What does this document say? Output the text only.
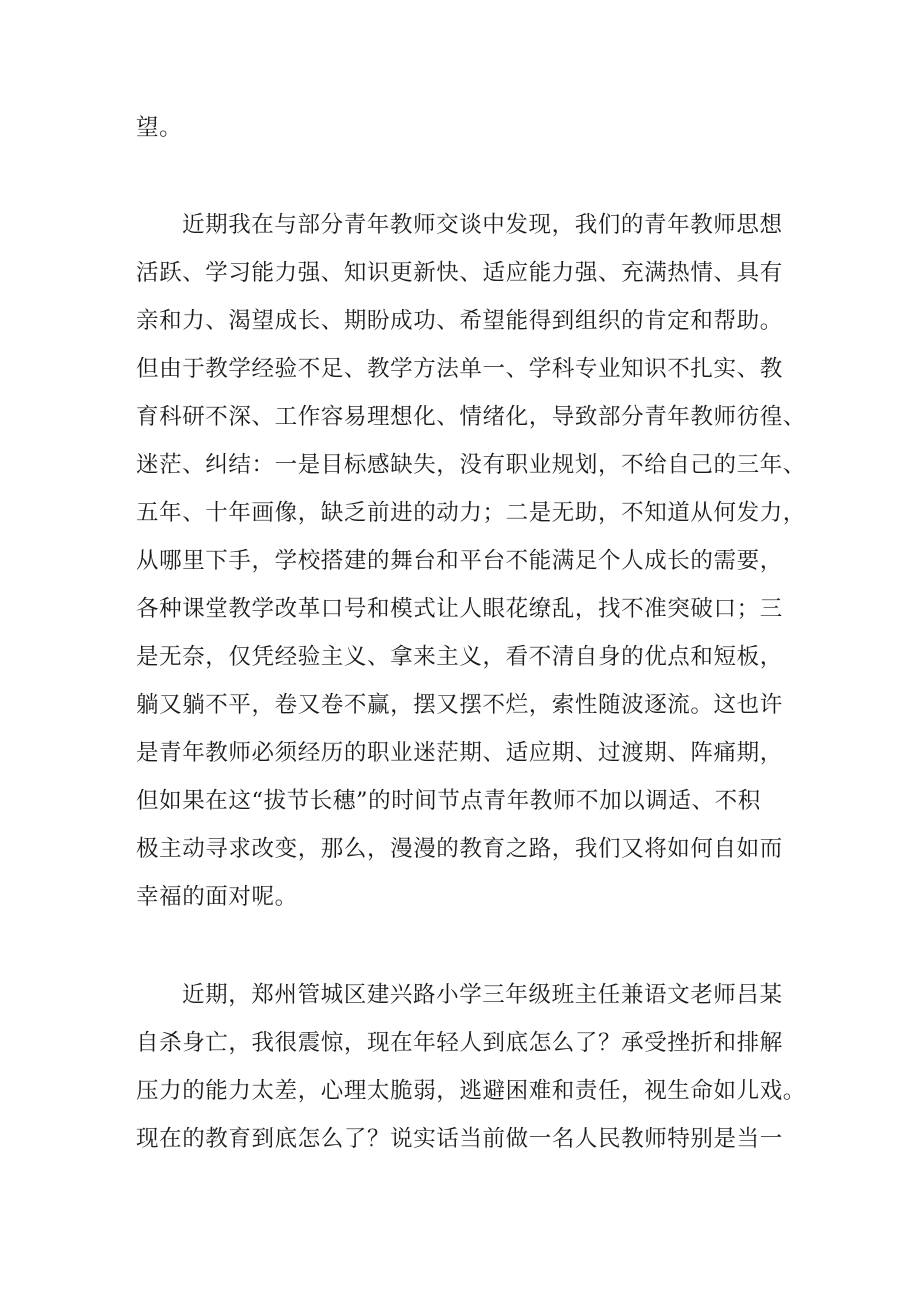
望。
近期我在与部分青年教师交谈中发现，我们的青年教师思想
活跃、学习能力强、知识更新快、适应能力强、充满热情、具有
亲和力、渴望成长、期盼成功、希望能得到组织的肯定和帮助。
但由于教学经验不足、教学方法单一、学科专业知识不扎实、教
育科研不深、工作容易理想化、情绪化，导致部分青年教师彷徨、
迷茫、纠结：一是目标感缺失，没有职业规划，不给自己的三年、
五年、十年画像，缺乏前进的动力；二是无助，不知道从何发力，
从哪里下手，学校搭建的舞台和平台不能满足个人成长的需要，
各种课堂教学改革口号和模式让人眼花缭乱，找不准突破口；三
是无奈，仅凭经验主义、拿来主义，看不清自身的优点和短板，
躺又躺不平，卷又卷不赢，摆又摆不烂，索性随波逐流。这也许
是青年教师必须经历的职业迷茫期、适应期、过渡期、阵痛期，
但如果在这“拔节长穗”的时间节点青年教师不加以调适、不积
极主动寻求改变，那么，漫漫的教育之路，我们又将如何自如而
幸福的面对呢。
近期，郑州管城区建兴路小学三年级班主任兼语文老师吕某
自杀身亡，我很震惊，现在年轻人到底怎么了？承受挫折和排解
压力的能力太差，心理太脆弱，逃避困难和责任，视生命如儿戏。
现在的教育到底怎么了？说实话当前做一名人民教师特别是当一
